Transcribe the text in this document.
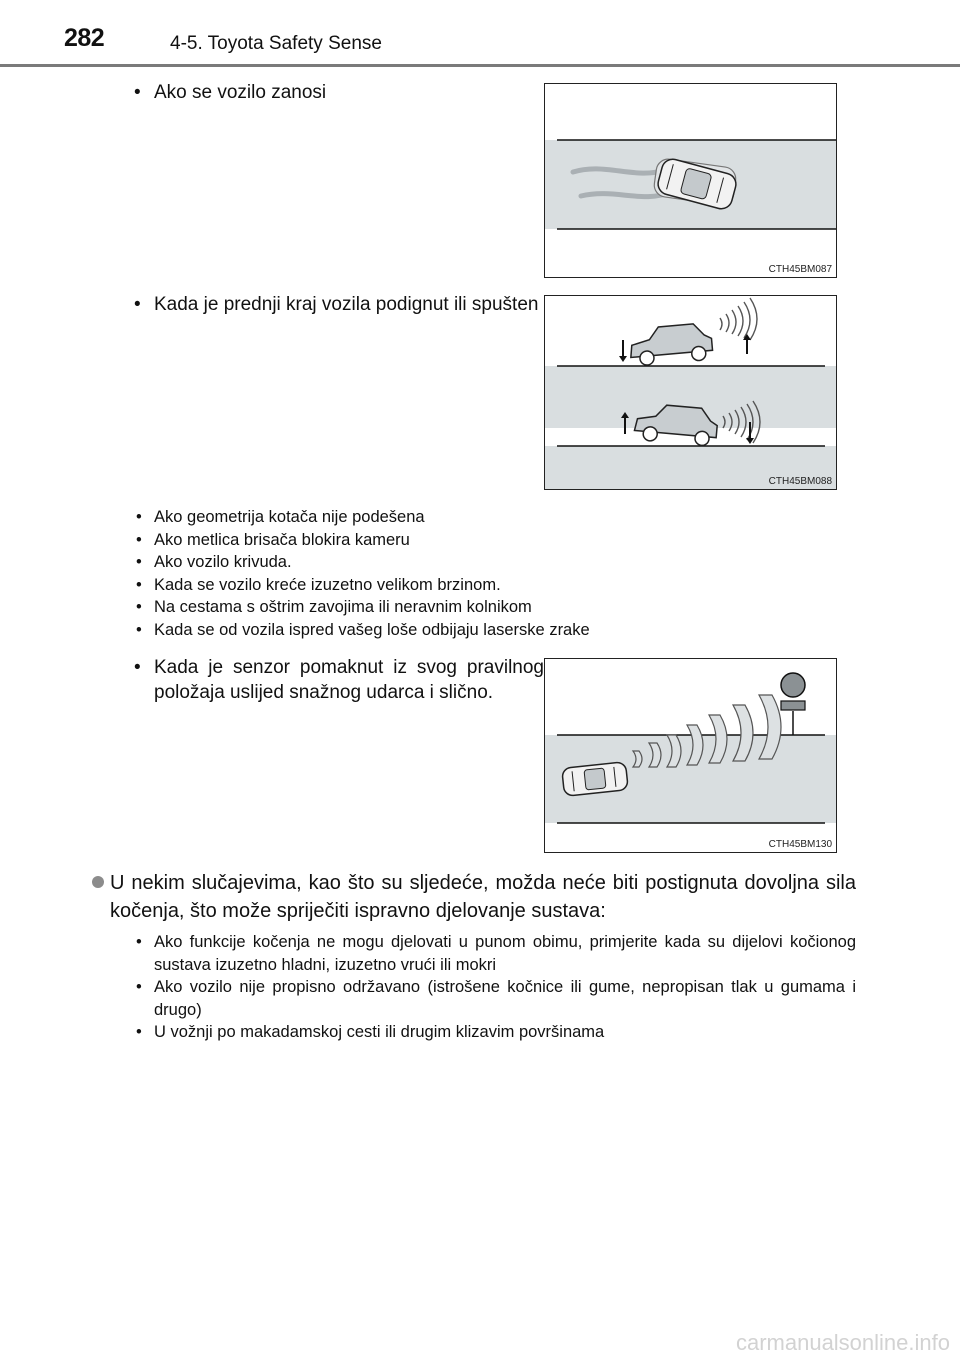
282	4-5. Toyota Safety Sense
• Ako se vozilo zanosi
CTH45BM087
• Kada je prednji kraj vozila podignut ili spušten
CTH45BM088
• Ako geometrija kotača nije podešena
• Ako metlica brisača blokira kameru
• Ako vozilo krivuda.
• Kada se vozilo kreće izuzetno velikom brzinom.
• Na cestama s oštrim zavojima ili neravnim kolnikom
• Kada se od vozila ispred vašeg loše odbijaju laserske zrake
• Kada je senzor pomaknut iz svog pravilnog položaja uslijed snažnog udarca i slično.
CTH45BM130
U nekim slučajevima, kao što su sljedeće, možda neće biti postignuta dovoljna sila kočenja, što može spriječiti ispravno djelovanje sustava:
• Ako funkcije kočenja ne mogu djelovati u punom obimu, primjerite kada su dijelovi kočionog sustava izuzetno hladni, izuzetno vrući ili mokri
• Ako vozilo nije propisno održavano (istrošene kočnice ili gume, nepropisan tlak u gumama i drugo)
• U vožnji po makadamskoj cesti ili drugim klizavim površinama
carmanualsonline.info
